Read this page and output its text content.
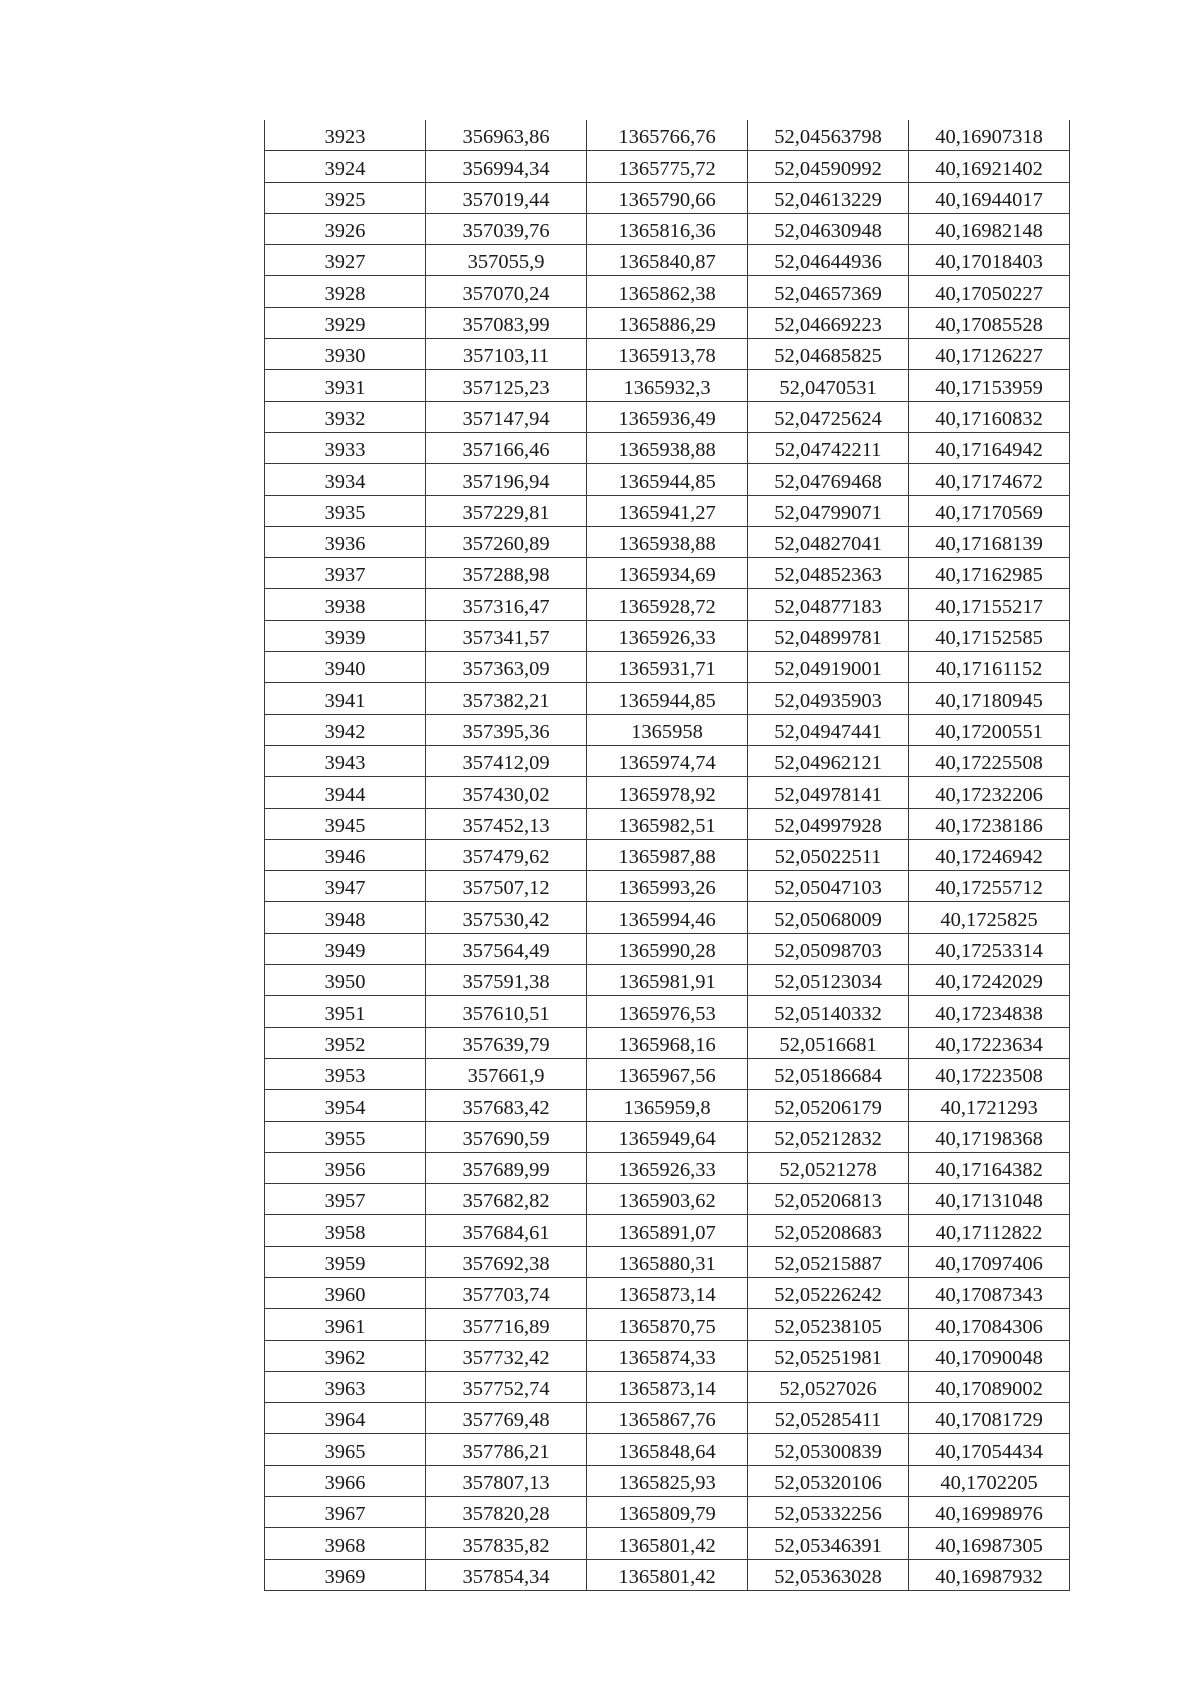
3923	356963,86	1365766,76	52,04563798	40,16907318
3924	356994,34	1365775,72	52,04590992	40,16921402
3925	357019,44	1365790,66	52,04613229	40,16944017
3926	357039,76	1365816,36	52,04630948	40,16982148
3927	357055,9	1365840,87	52,04644936	40,17018403
3928	357070,24	1365862,38	52,04657369	40,17050227
3929	357083,99	1365886,29	52,04669223	40,17085528
3930	357103,11	1365913,78	52,04685825	40,17126227
3931	357125,23	1365932,3	52,0470531	40,17153959
3932	357147,94	1365936,49	52,04725624	40,17160832
3933	357166,46	1365938,88	52,04742211	40,17164942
3934	357196,94	1365944,85	52,04769468	40,17174672
3935	357229,81	1365941,27	52,04799071	40,17170569
3936	357260,89	1365938,88	52,04827041	40,17168139
3937	357288,98	1365934,69	52,04852363	40,17162985
3938	357316,47	1365928,72	52,04877183	40,17155217
3939	357341,57	1365926,33	52,04899781	40,17152585
3940	357363,09	1365931,71	52,04919001	40,17161152
3941	357382,21	1365944,85	52,04935903	40,17180945
3942	357395,36	1365958	52,04947441	40,17200551
3943	357412,09	1365974,74	52,04962121	40,17225508
3944	357430,02	1365978,92	52,04978141	40,17232206
3945	357452,13	1365982,51	52,04997928	40,17238186
3946	357479,62	1365987,88	52,05022511	40,17246942
3947	357507,12	1365993,26	52,05047103	40,17255712
3948	357530,42	1365994,46	52,05068009	40,1725825
3949	357564,49	1365990,28	52,05098703	40,17253314
3950	357591,38	1365981,91	52,05123034	40,17242029
3951	357610,51	1365976,53	52,05140332	40,17234838
3952	357639,79	1365968,16	52,0516681	40,17223634
3953	357661,9	1365967,56	52,05186684	40,17223508
3954	357683,42	1365959,8	52,05206179	40,1721293
3955	357690,59	1365949,64	52,05212832	40,17198368
3956	357689,99	1365926,33	52,0521278	40,17164382
3957	357682,82	1365903,62	52,05206813	40,17131048
3958	357684,61	1365891,07	52,05208683	40,17112822
3959	357692,38	1365880,31	52,05215887	40,17097406
3960	357703,74	1365873,14	52,05226242	40,17087343
3961	357716,89	1365870,75	52,05238105	40,17084306
3962	357732,42	1365874,33	52,05251981	40,17090048
3963	357752,74	1365873,14	52,0527026	40,17089002
3964	357769,48	1365867,76	52,05285411	40,17081729
3965	357786,21	1365848,64	52,05300839	40,17054434
3966	357807,13	1365825,93	52,05320106	40,1702205
3967	357820,28	1365809,79	52,05332256	40,16998976
3968	357835,82	1365801,42	52,05346391	40,16987305
3969	357854,34	1365801,42	52,05363028	40,16987932
